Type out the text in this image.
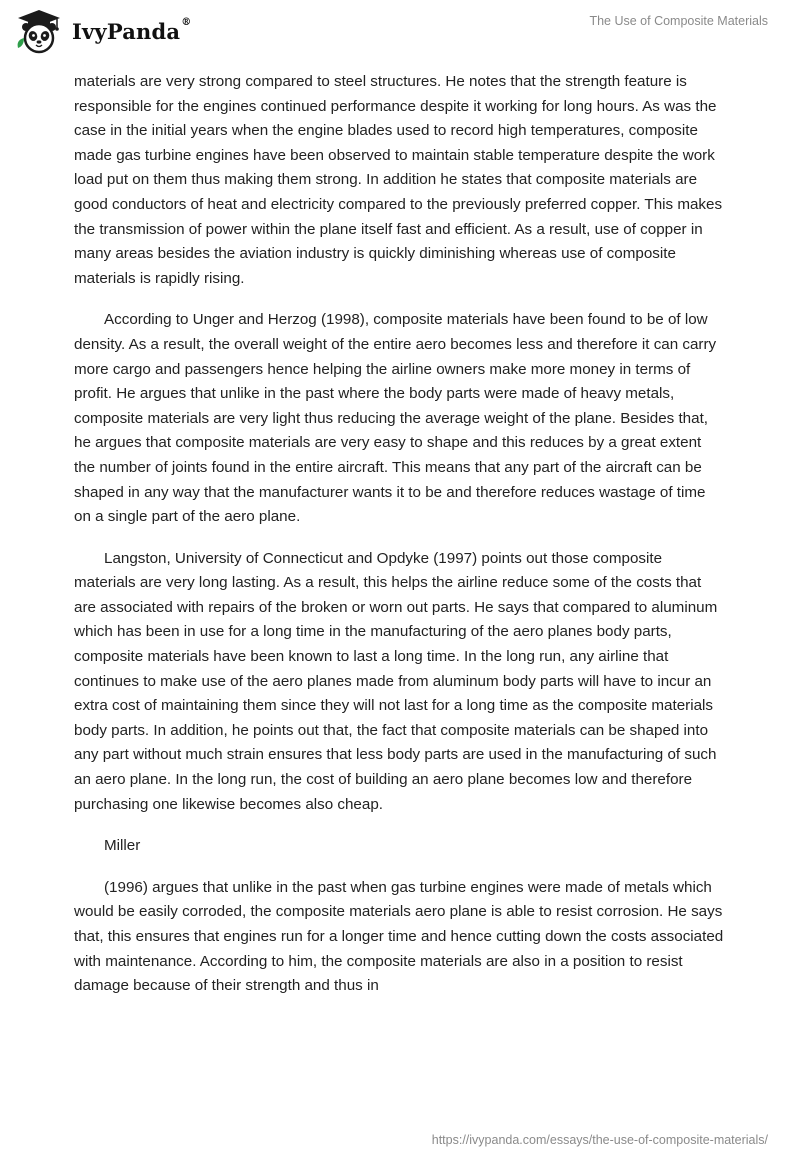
IvyPanda®	The Use of Composite Materials

materials are very strong compared to steel structures. He notes that the strength feature is responsible for the engines continued performance despite it working for long hours. As was the case in the initial years when the engine blades used to record high temperatures, composite made gas turbine engines have been observed to maintain stable temperature despite the work load put on them thus making them strong. In addition he states that composite materials are good conductors of heat and electricity compared to the previously preferred copper. This makes the transmission of power within the plane itself fast and efficient. As a result, use of copper in many areas besides the aviation industry is quickly diminishing whereas use of composite materials is rapidly rising.

According to Unger and Herzog (1998), composite materials have been found to be of low density. As a result, the overall weight of the entire aero becomes less and therefore it can carry more cargo and passengers hence helping the airline owners make more money in terms of profit. He argues that unlike in the past where the body parts were made of heavy metals, composite materials are very light thus reducing the average weight of the plane. Besides that, he argues that composite materials are very easy to shape and this reduces by a great extent the number of joints found in the entire aircraft. This means that any part of the aircraft can be shaped in any way that the manufacturer wants it to be and therefore reduces wastage of time on a single part of the aero plane.

Langston, University of Connecticut and Opdyke (1997) points out those composite materials are very long lasting. As a result, this helps the airline reduce some of the costs that are associated with repairs of the broken or worn out parts. He says that compared to aluminum which has been in use for a long time in the manufacturing of the aero planes body parts, composite materials have been known to last a long time. In the long run, any airline that continues to make use of the aero planes made from aluminum body parts will have to incur an extra cost of maintaining them since they will not last for a long time as the composite materials body parts. In addition, he points out that, the fact that composite materials can be shaped into any part without much strain ensures that less body parts are used in the manufacturing of such an aero plane. In the long run, the cost of building an aero plane becomes low and therefore purchasing one likewise becomes also cheap.

Miller

(1996) argues that unlike in the past when gas turbine engines were made of metals which would be easily corroded, the composite materials aero plane is able to resist corrosion. He says that, this ensures that engines run for a longer time and hence cutting down the costs associated with maintenance. According to him, the composite materials are also in a position to resist damage because of their strength and thus in

https://ivypanda.com/essays/the-use-of-composite-materials/
